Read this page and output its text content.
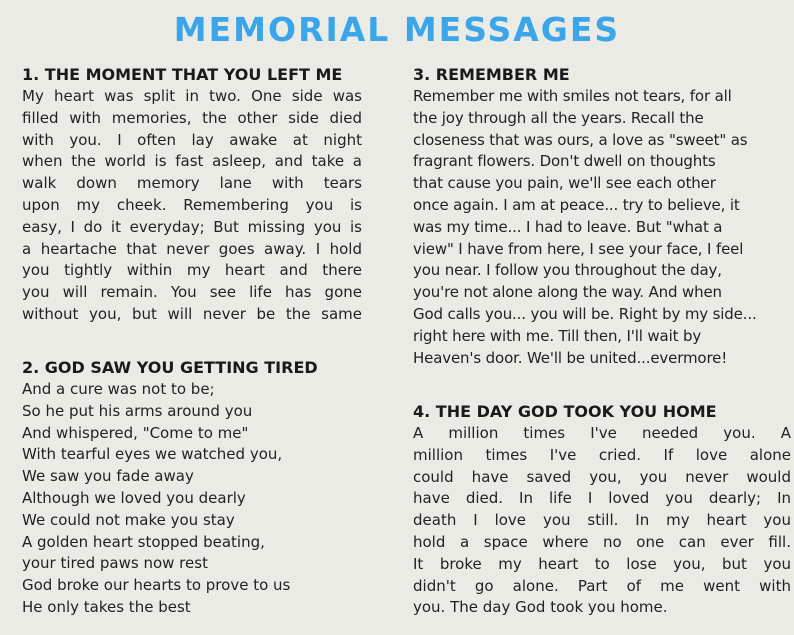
MEMORIAL MESSAGES
1. THE MOMENT THAT YOU LEFT ME
My heart was split in two. One side was
filled with memories, the other side died
with you. I often lay awake at night
when the world is fast asleep, and take a
walk down memory lane with tears
upon my cheek. Remembering you is
easy, I do it everyday; But missing you is
a heartache that never goes away. I hold
you tightly within my heart and there
you will remain. You see life has gone
without you, but will never be the same
2. GOD SAW YOU GETTING TIRED
And a cure was not to be;
So he put his arms around you
And whispered, "Come to me"
With tearful eyes we watched you,
We saw you fade away
Although we loved you dearly
We could not make you stay
A golden heart stopped beating,
your tired paws now rest
God broke our hearts to prove to us
He only takes the best
3. REMEMBER ME
Remember me with smiles not tears, for all
the joy through all the years. Recall the
closeness that was ours, a love as "sweet" as
fragrant flowers. Don't dwell on thoughts
that cause you pain, we'll see each other
once again. I am at peace... try to believe, it
was my time... I had to leave. But "what a
view" I have from here, I see your face, I feel
you near. I follow you throughout the day,
you're not alone along the way. And when
God calls you... you will be. Right by my side...
right here with me. Till then, I'll wait by
Heaven's door. We'll be united...evermore!
4. THE DAY GOD TOOK YOU HOME
A million times I've needed you. A
million times I've cried. If love alone
could have saved you, you never would
have died. In life I loved you dearly; In
death I love you still. In my heart you
hold a space where no one can ever fill.
It broke my heart to lose you, but you
didn't go alone. Part of me went with
you. The day God took you home.
